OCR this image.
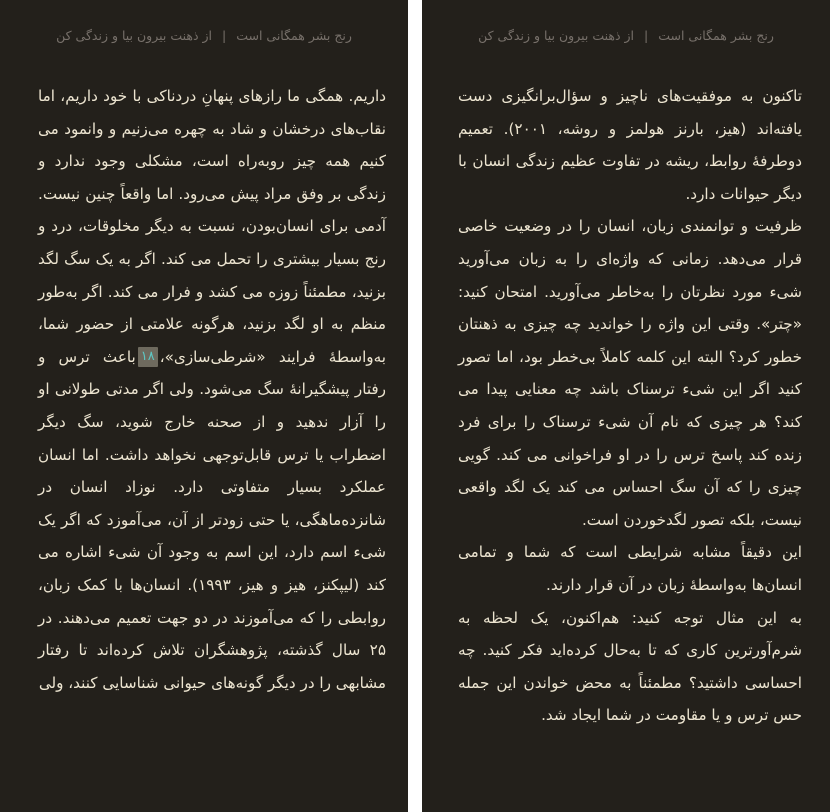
رنج بشر همگانی است | از ذهنت بیرون بیا و زندگی کن

داریم. همگی ما رازهای پنهانِ دردناکی با خود داریم، اما نقاب‌های درخشان و شاد به چهره می‌زنیم و وانمود می کنیم همه چیز روبه‌راه است، مشکلی وجود ندارد و زندگی بر وفق مراد پیش می‌رود. اما واقعاً چنین نیست. آدمی برای انسان‌بودن، نسبت به دیگر مخلوقات، درد و رنج بسیار بیشتری را تحمل می کند. اگر به یک سگ لگد بزنید، مطمئناً زوزه می کشد و فرار می کند. اگر به‌طور منظم به او لگد بزنید، هرگونه علامتی از حضور شما، به‌واسطهٔ فرایند «شرطی‌سازی»،۱۸باعث ترس و رفتار پیشگیرانهٔ سگ می‌شود. ولی اگر مدتی طولانی او را آزار ندهید و از صحنه خارج شوید، سگ دیگر اضطراب یا ترس قابل‌توجهی نخواهد داشت. اما انسان عملکرد بسیار متفاوتی دارد. نوزاد انسان در شانزده‌ماهگی، یا حتی زودتر از آن، می‌آموزد که اگر یک شیء اسم دارد، این اسم به وجود آن شیء اشاره می کند (لیپکنز، هیز و هیز، ۱۹۹۳). انسان‌ها با کمک زبان، روابطی را که می‌آموزند در دو جهت تعمیم می‌دهند. در ۲۵ سال گذشته، پژوهشگران تلاش کرده‌اند تا رفتار مشابهی را در دیگر گونه‌های حیوانی شناسایی کنند، ولی

رنج بشر همگانی است | از ذهنت بیرون بیا و زندگی کن

تاکنون به موفقیت‌های ناچیز و سؤال‌برانگیزی دست یافته‌اند (هیز، بارنز هولمز و روشه، ۲۰۰۱). تعمیم دوطرفهٔ روابط، ریشه در تفاوت عظیم زندگی انسان با دیگر حیوانات دارد.

ظرفیت و توانمندی زبان، انسان را در وضعیت خاصی قرار می‌دهد. زمانی که واژه‌ای را به زبان می‌آورید شیء مورد نظرتان را به‌خاطر می‌آورید. امتحان کنید: «چتر». وقتی این واژه را خواندید چه چیزی به ذهنتان خطور کرد؟ البته این کلمه کاملاً بی‌خطر بود، اما تصور کنید اگر این شیء ترسناک باشد چه معنایی پیدا می کند؟ هر چیزی که نام آن شیء ترسناک را برای فرد زنده کند پاسخ ترس را در او فراخوانی می کند. گویی چیزی را که آن سگ احساس می کند یک لگد واقعی نیست، بلکه تصور لگدخوردن است.

این دقیقاً مشابه شرایطی است که شما و تمامی انسان‌ها به‌واسطهٔ زبان در آن قرار دارند.

به این مثال توجه کنید: هم‌اکنون، یک لحظه به شرم‌آورترین کاری که تا به‌حال کرده‌اید فکر کنید. چه احساسی داشتید؟ مطمئناً به محض خواندن این جمله حس ترس و یا مقاومت در شما ایجاد شد.
